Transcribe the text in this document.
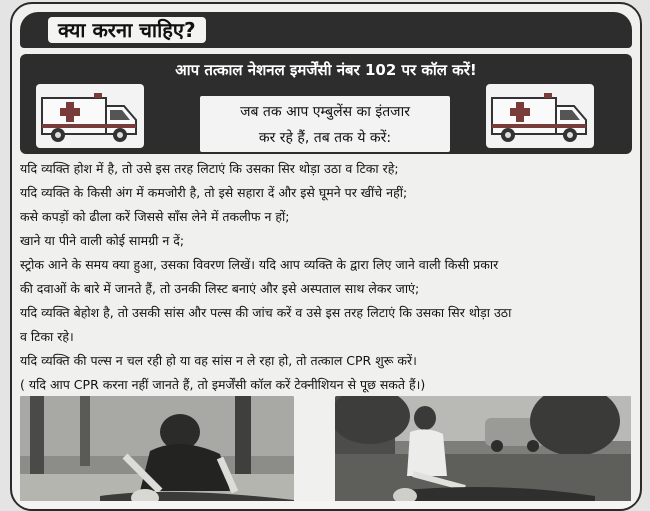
क्या करना चाहिए?
आप तत्काल नेशनल इमर्जेंसी नंबर 102 पर कॉल करें!
जब तक आप एम्बुलेंस का इंतजार
कर रहे हैं, तब तक ये करें:
यदि व्यक्ति होश में है, तो उसे इस तरह लिटाएं कि उसका सिर थोड़ा उठा व टिका रहे;
यदि व्यक्ति के किसी अंग में कमजोरी है, तो इसे सहारा दें और इसे घूमने पर खींचे नहीं;
कसे कपड़ों को ढीला करें जिससे साँस लेने में तकलीफ न हों;
खाने या पीने वाली कोई सामग्री न दें;
स्ट्रोक आने के समय क्या हुआ, उसका विवरण लिखें। यदि आप व्यक्ति के द्वारा लिए जाने वाली किसी प्रकार
की दवाओं के बारे में जानते हैं, तो उनकी लिस्ट बनाएं और इसे अस्पताल साथ लेकर जाएं;
यदि व्यक्ति बेहोश है, तो उसकी सांस और पल्स की जांच करें व उसे इस तरह लिटाएं कि उसका सिर थोड़ा उठा
व टिका रहे।
यदि व्यक्ति की पल्स न चल रही हो या वह सांस न ले रहा हो, तो तत्काल CPR शुरू करें।
( यदि आप CPR करना नहीं जानते हैं, तो इमर्जेंसी कॉल करें टेक्नीशियन से पूछ सकते हैं।)
